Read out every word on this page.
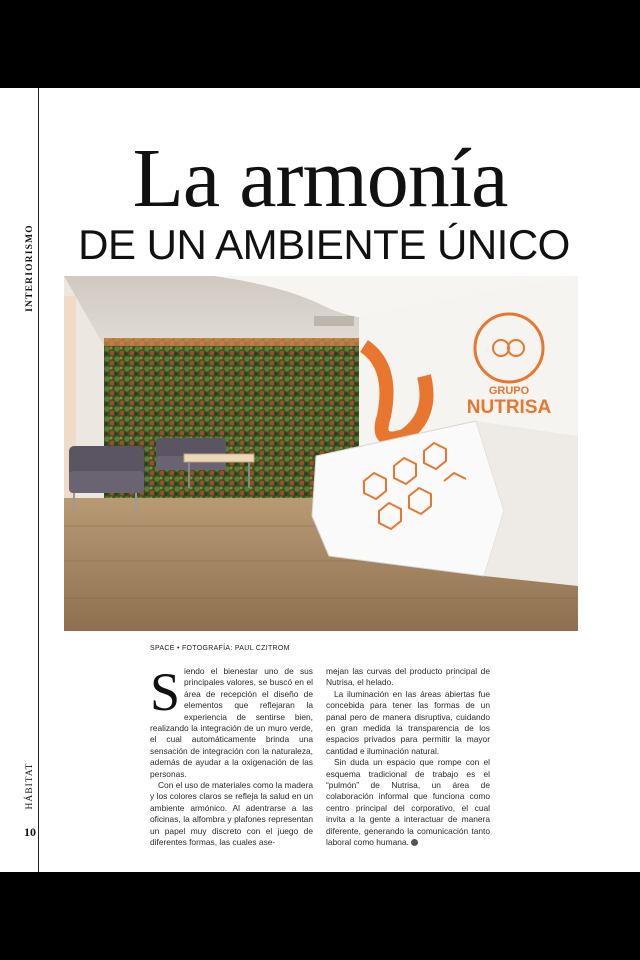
INTERIORISMO
HÁBITAT
10
La armonía
DE UN AMBIENTE ÚNICO
GRUPO
NUTRISA
SPACE • FOTOGRAFÍA: PAUL CZITROM

Siendo el bienestar uno de sus principales valores, se buscó en el área de recepción el diseño de elementos que reflejaran la experiencia de sentirse bien, realizando la integración de un muro verde, el cual automáticamente brinda una sensación de integración con la naturaleza, además de ayudar a la oxigenación de las personas.

Con el uso de materiales como la madera y los colores claros se refleja la salud en un ambiente armónico. Al adentrarse a las oficinas, la alfombra y plafones representan un papel muy discreto con el juego de diferentes formas, las cuales ase-

mejan las curvas del producto principal de Nutrisa, el helado.

La iluminación en las áreas abiertas fue concebida para tener las formas de un panal pero de manera disruptiva, cuidando en gran medida la transparencia de los espacios privados para permitir la mayor cantidad e iluminación natural.

Sin duda un espacio que rompe con el esquema tradicional de trabajo es el “pulmón” de Nutrisa, un área de colaboración informal que funciona como centro principal del corporativo, el cual invita a la gente a interactuar de manera diferente, generando la comunicación tanto laboral como humana.
